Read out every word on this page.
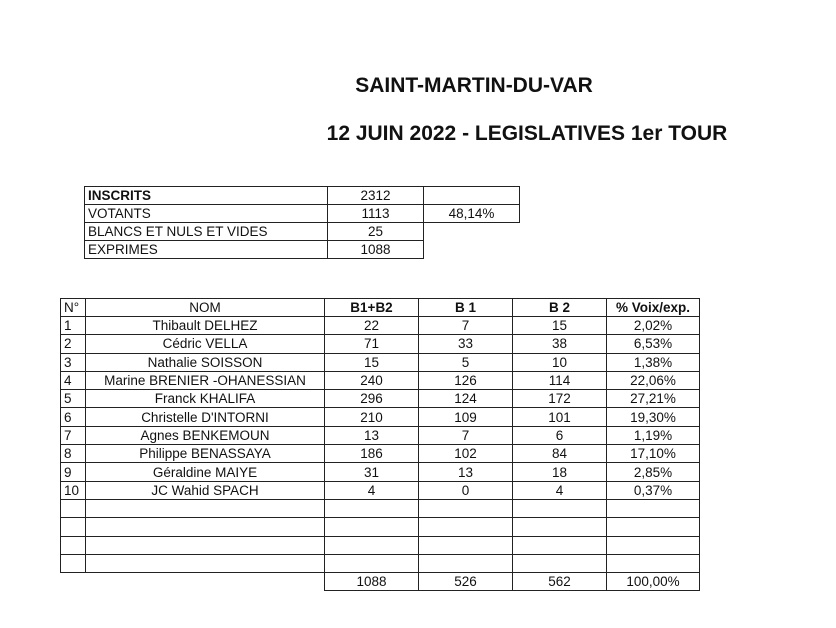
SAINT-MARTIN-DU-VAR
12 JUIN 2022 - LEGISLATIVES 1er TOUR
INSCRITS	2312	
VOTANTS	1113	48,14%
BLANCS ET NULS ET VIDES	25	
EXPRIMES	1088	
N°	NOM	B1+B2	B 1	B 2	% Voix/exp.
1	Thibault DELHEZ	22	7	15	2,02%
2	Cédric VELLA	71	33	38	6,53%
3	Nathalie SOISSON	15	5	10	1,38%
4	Marine BRENIER -OHANESSIAN	240	126	114	22,06%
5	Franck KHALIFA	296	124	172	27,21%
6	Christelle D'INTORNI	210	109	101	19,30%
7	Agnes BENKEMOUN	13	7	6	1,19%
8	Philippe BENASSAYA	186	102	84	17,10%
9	Géraldine MAIYE	31	13	18	2,85%
10	JC Wahid SPACH	4	0	4	0,37%

		1088	526	562	100,00%
